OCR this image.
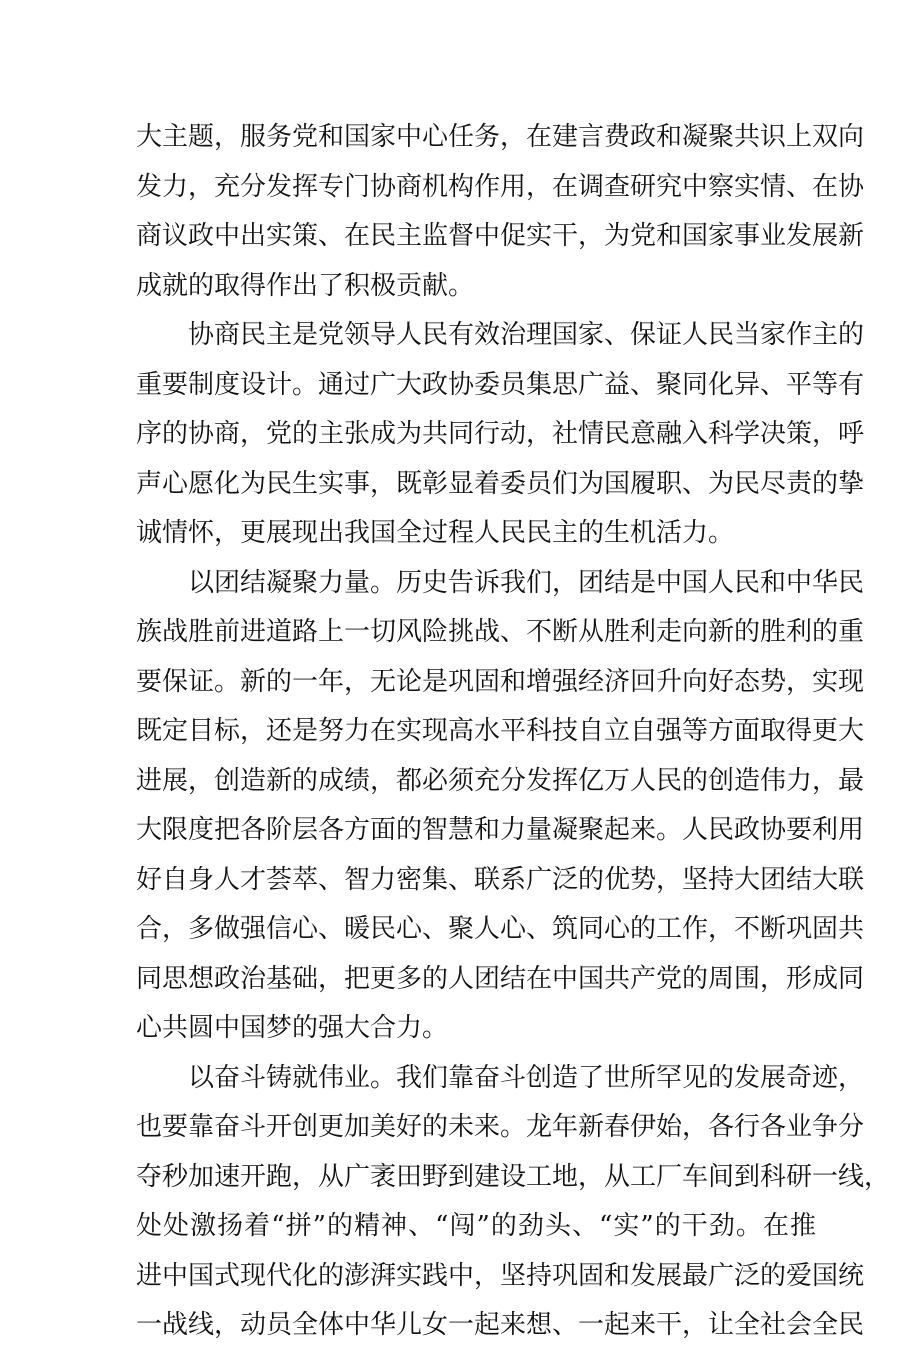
大主题，服务党和国家中心任务，在建言费政和凝聚共识上双向
发力，充分发挥专门协商机构作用，在调查研究中察实情、在协
商议政中出实策、在民主监督中促实干，为党和国家事业发展新
成就的取得作出了积极贡献。
协商民主是党领导人民有效治理国家、保证人民当家作主的
重要制度设计。通过广大政协委员集思广益、聚同化异、平等有
序的协商，党的主张成为共同行动，社情民意融入科学决策，呼
声心愿化为民生实事，既彰显着委员们为国履职、为民尽责的挚
诚情怀，更展现出我国全过程人民民主的生机活力。
以团结凝聚力量。历史告诉我们，团结是中国人民和中华民
族战胜前进道路上一切风险挑战、不断从胜利走向新的胜利的重
要保证。新的一年，无论是巩固和增强经济回升向好态势，实现
既定目标，还是努力在实现高水平科技自立自强等方面取得更大
进展，创造新的成绩，都必须充分发挥亿万人民的创造伟力，最
大限度把各阶层各方面的智慧和力量凝聚起来。人民政协要利用
好自身人才荟萃、智力密集、联系广泛的优势，坚持大团结大联
合，多做强信心、暖民心、聚人心、筑同心的工作，不断巩固共
同思想政治基础，把更多的人团结在中国共产党的周围，形成同
心共圆中国梦的强大合力。
以奋斗铸就伟业。我们靠奋斗创造了世所罕见的发展奇迹，
也要靠奋斗开创更加美好的未来。龙年新春伊始，各行各业争分
夺秒加速开跑，从广袤田野到建设工地，从工厂车间到科研一线，
处处激扬着“拼”的精神、“闯”的劲头、“实”的干劲。在推
进中国式现代化的澎湃实践中，坚持巩固和发展最广泛的爱国统
一战线，动员全体中华儿女一起来想、一起来干，让全社会全民
